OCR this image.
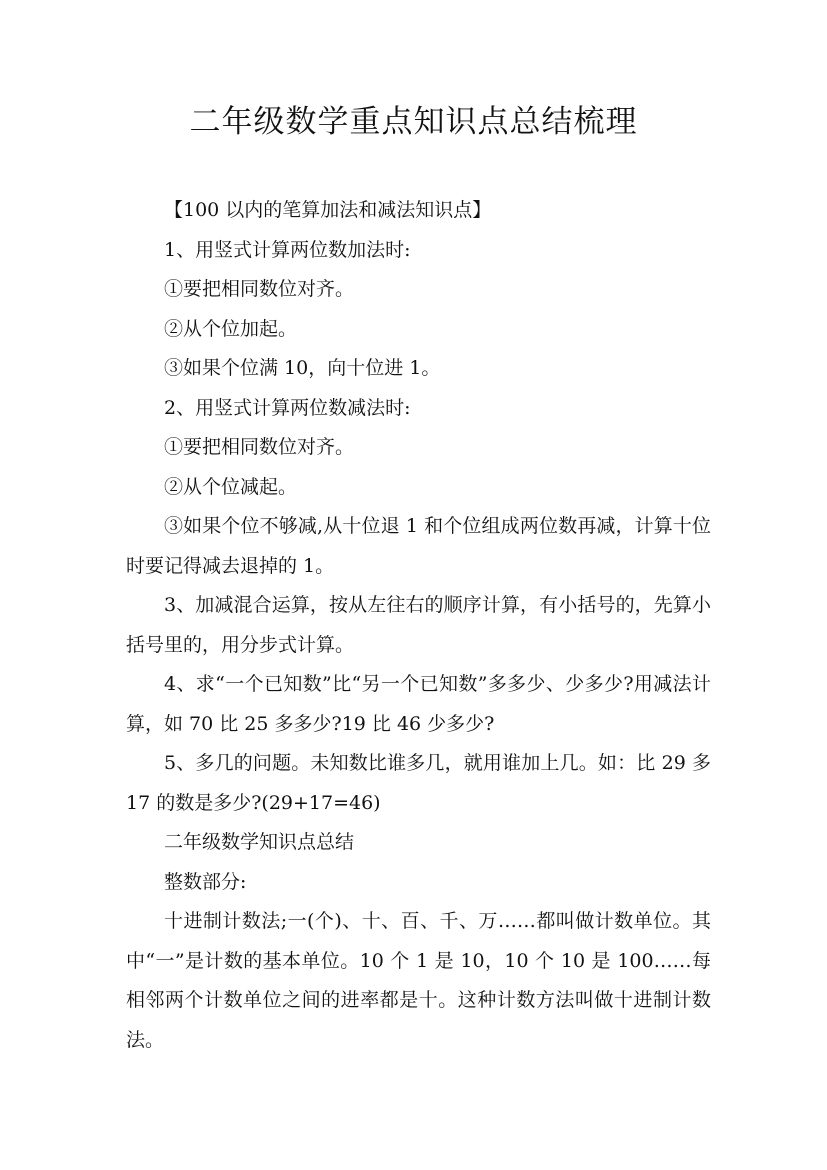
二年级数学重点知识点总结梳理

【100 以内的笔算加法和减法知识点】

1、用竖式计算两位数加法时:

①要把相同数位对齐。

②从个位加起。

③如果个位满 10，向十位进 1。

2、用竖式计算两位数减法时:

①要把相同数位对齐。

②从个位减起。

③如果个位不够减,从十位退 1 和个位组成两位数再减，计算十位时要记得减去退掉的 1。

3、加减混合运算，按从左往右的顺序计算，有小括号的，先算小括号里的，用分步式计算。

4、求“一个已知数”比“另一个已知数”多多少、少多少?用减法计算，如 70 比 25 多多少?19 比 46 少多少?

5、多几的问题。未知数比谁多几，就用谁加上几。如：比 29 多 17 的数是多少?(29+17=46)

二年级数学知识点总结

整数部分:

十进制计数法;一(个)、十、百、千、万……都叫做计数单位。其中“一”是计数的基本单位。10 个 1 是 10，10 个 10 是 100……每相邻两个计数单位之间的进率都是十。这种计数方法叫做十进制计数法。
